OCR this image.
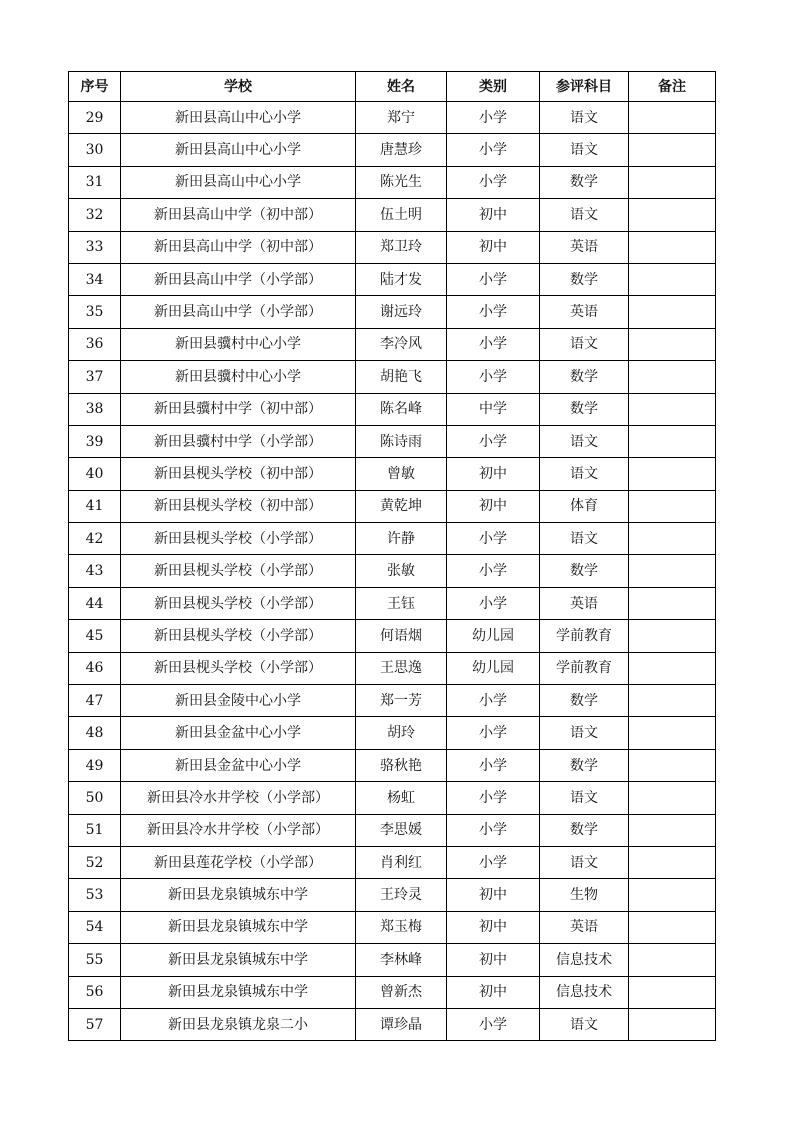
序号	学校	姓名	类别	参评科目	备注
29	新田县高山中心小学	郑宁	小学	语文	
30	新田县高山中心小学	唐慧珍	小学	语文	
31	新田县高山中心小学	陈光生	小学	数学	
32	新田县高山中学（初中部）	伍土明	初中	语文	
33	新田县高山中学（初中部）	郑卫玲	初中	英语	
34	新田县高山中学（小学部）	陆才发	小学	数学	
35	新田县高山中学（小学部）	谢远玲	小学	英语	
36	新田县骥村中心小学	李冷风	小学	语文	
37	新田县骥村中心小学	胡艳飞	小学	数学	
38	新田县骥村中学（初中部）	陈名峰	中学	数学	
39	新田县骥村中学（小学部）	陈诗雨	小学	语文	
40	新田县枧头学校（初中部）	曾敏	初中	语文	
41	新田县枧头学校（初中部）	黄乾坤	初中	体育	
42	新田县枧头学校（小学部）	许静	小学	语文	
43	新田县枧头学校（小学部）	张敏	小学	数学	
44	新田县枧头学校（小学部）	王钰	小学	英语	
45	新田县枧头学校（小学部）	何语烟	幼儿园	学前教育	
46	新田县枧头学校（小学部）	王思逸	幼儿园	学前教育	
47	新田县金陵中心小学	郑一芳	小学	数学	
48	新田县金盆中心小学	胡玲	小学	语文	
49	新田县金盆中心小学	骆秋艳	小学	数学	
50	新田县冷水井学校（小学部）	杨虹	小学	语文	
51	新田县冷水井学校（小学部）	李思媛	小学	数学	
52	新田县莲花学校（小学部）	肖利红	小学	语文	
53	新田县龙泉镇城东中学	王玲灵	初中	生物	
54	新田县龙泉镇城东中学	郑玉梅	初中	英语	
55	新田县龙泉镇城东中学	李林峰	初中	信息技术	
56	新田县龙泉镇城东中学	曾新杰	初中	信息技术	
57	新田县龙泉镇龙泉二小	谭珍晶	小学	语文	
